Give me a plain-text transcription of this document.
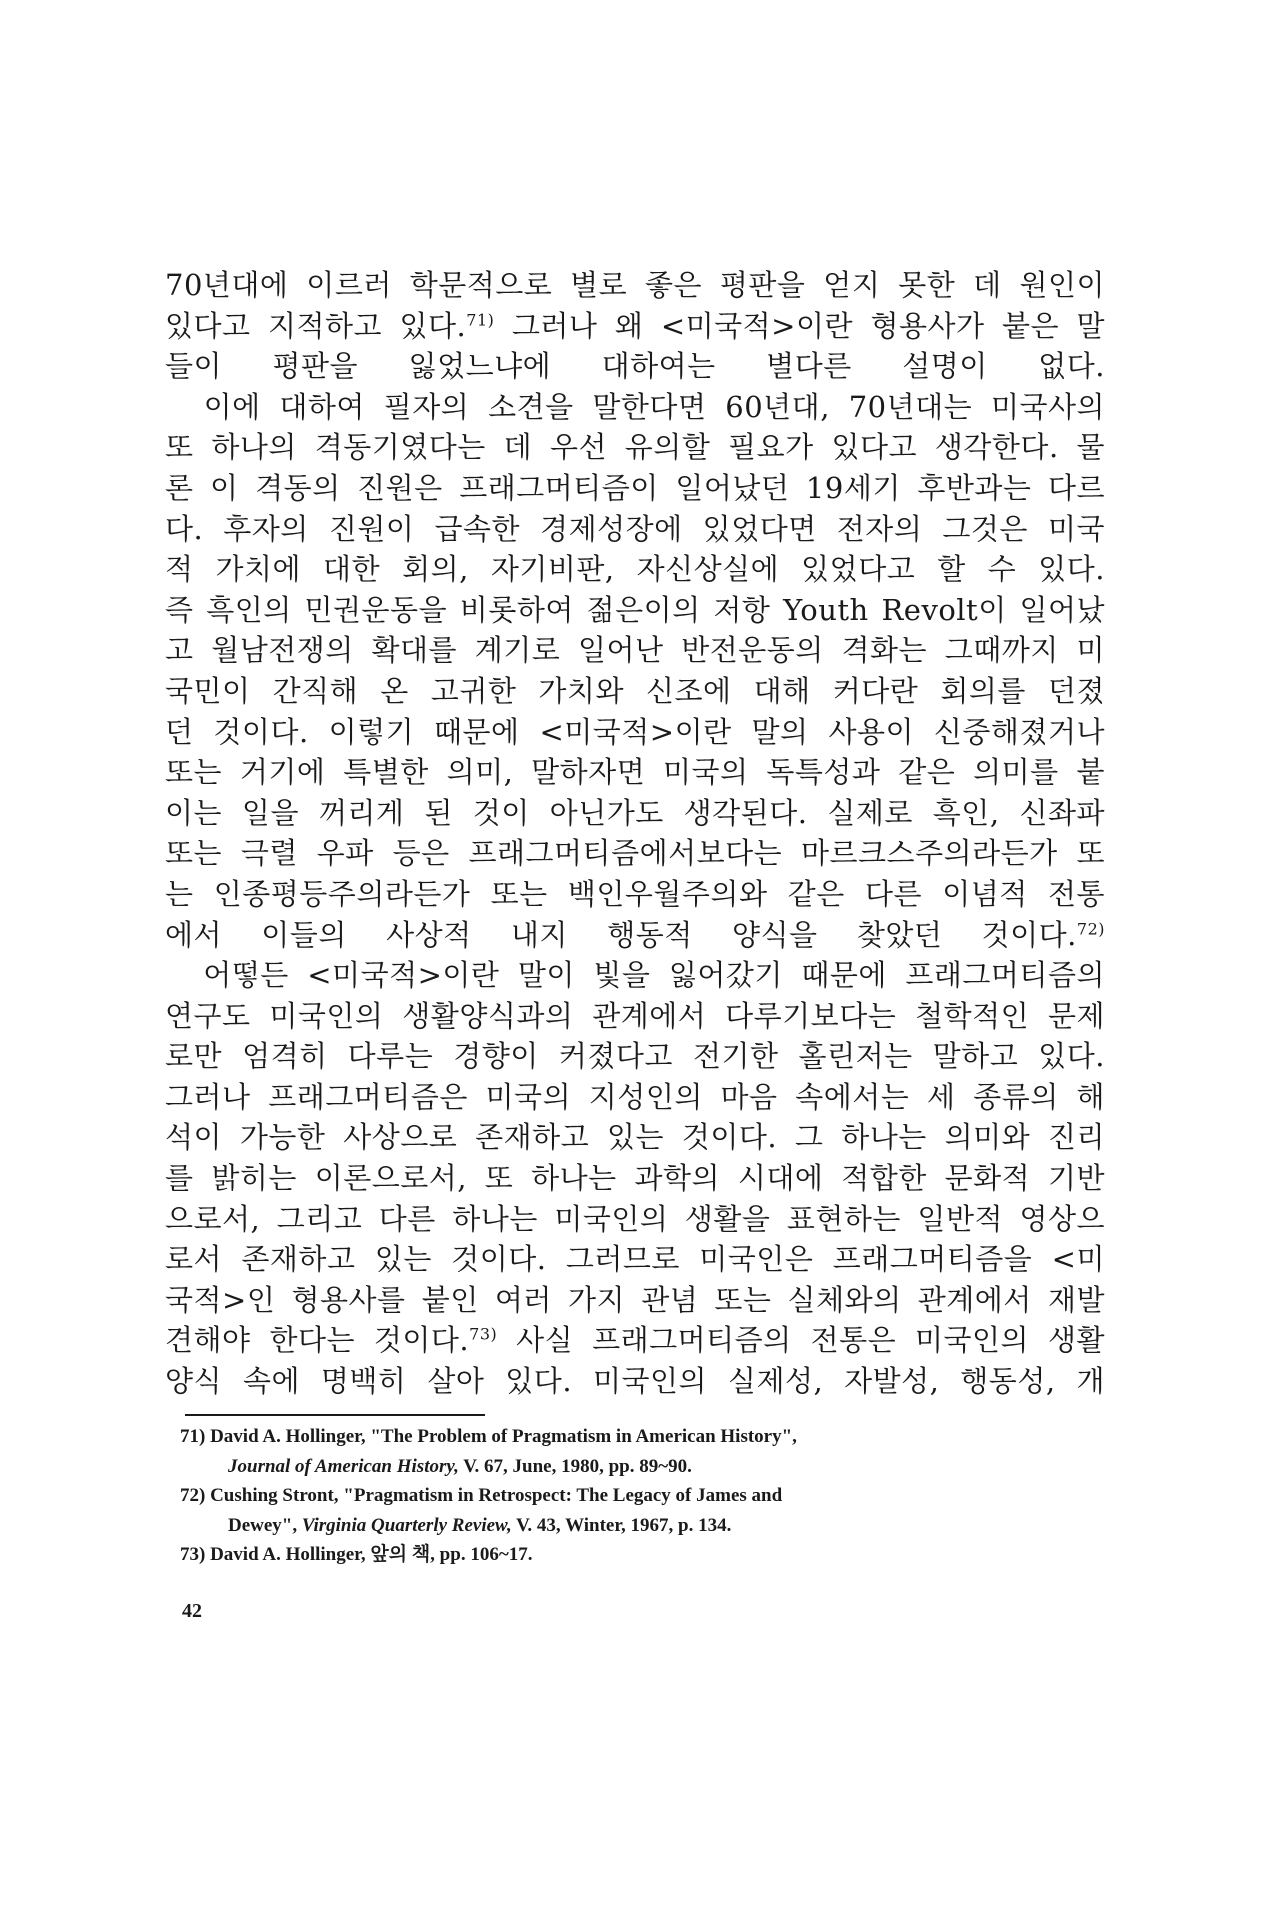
70년대에 이르러 학문적으로 별로 좋은 평판을 얻지 못한 데 원인이
있다고 지적하고 있다.$^{71)}$ 그러나 왜 <미국적>이란 형용사가 붙은 말
들이 평판을 잃었느냐에 대하여는 별다른 설명이 없다.
　이에 대하여 필자의 소견을 말한다면 60년대, 70년대는 미국사의
또 하나의 격동기였다는 데 우선 유의할 필요가 있다고 생각한다. 물
론 이 격동의 진원은 프래그머티즘이 일어났던 19세기 후반과는 다르
다. 후자의 진원이 급속한 경제성장에 있었다면 전자의 그것은 미국
적 가치에 대한 회의, 자기비판, 자신상실에 있었다고 할 수 있다.
즉 흑인의 민권운동을 비롯하여 젊은이의 저항 Youth Revolt이 일어났
고 월남전쟁의 확대를 계기로 일어난 반전운동의 격화는 그때까지 미
국민이 간직해 온 고귀한 가치와 신조에 대해 커다란 회의를 던졌
던 것이다. 이렇기 때문에 <미국적>이란 말의 사용이 신중해졌거나
또는 거기에 특별한 의미, 말하자면 미국의 독특성과 같은 의미를 붙
이는 일을 꺼리게 된 것이 아닌가도 생각된다. 실제로 흑인, 신좌파
또는 극렬 우파 등은 프래그머티즘에서보다는 마르크스주의라든가 또
는 인종평등주의라든가 또는 백인우월주의와 같은 다른 이념적 전통
에서 이들의 사상적 내지 행동적 양식을 찾았던 것이다.$^{72)}$
　어떻든 <미국적>이란 말이 빛을 잃어갔기 때문에 프래그머티즘의
연구도 미국인의 생활양식과의 관계에서 다루기보다는 철학적인 문제
로만 엄격히 다루는 경향이 커졌다고 전기한 홀린저는 말하고 있다.
그러나 프래그머티즘은 미국의 지성인의 마음 속에서는 세 종류의 해
석이 가능한 사상으로 존재하고 있는 것이다. 그 하나는 의미와 진리
를 밝히는 이론으로서, 또 하나는 과학의 시대에 적합한 문화적 기반
으로서, 그리고 다른 하나는 미국인의 생활을 표현하는 일반적 영상으
로서 존재하고 있는 것이다. 그러므로 미국인은 프래그머티즘을 <미
국적>인 형용사를 붙인 여러 가지 관념 또는 실체와의 관계에서 재발
견해야 한다는 것이다.$^{73)}$ 사실 프래그머티즘의 전통은 미국인의 생활
양식 속에 명백히 살아 있다. 미국인의 실제성, 자발성, 행동성, 개
71) David A. Hollinger, "The Problem of Pragmatism in American History",
Journal of American History, V. 67, June, 1980, pp. 89~90.
72) Cushing Stront, "Pragmatism in Retrospect: The Legacy of James and
Dewey", Virginia Quarterly Review, V. 43, Winter, 1967, p. 134.
73) David A. Hollinger, 앞의 책, pp. 106~17.
42
